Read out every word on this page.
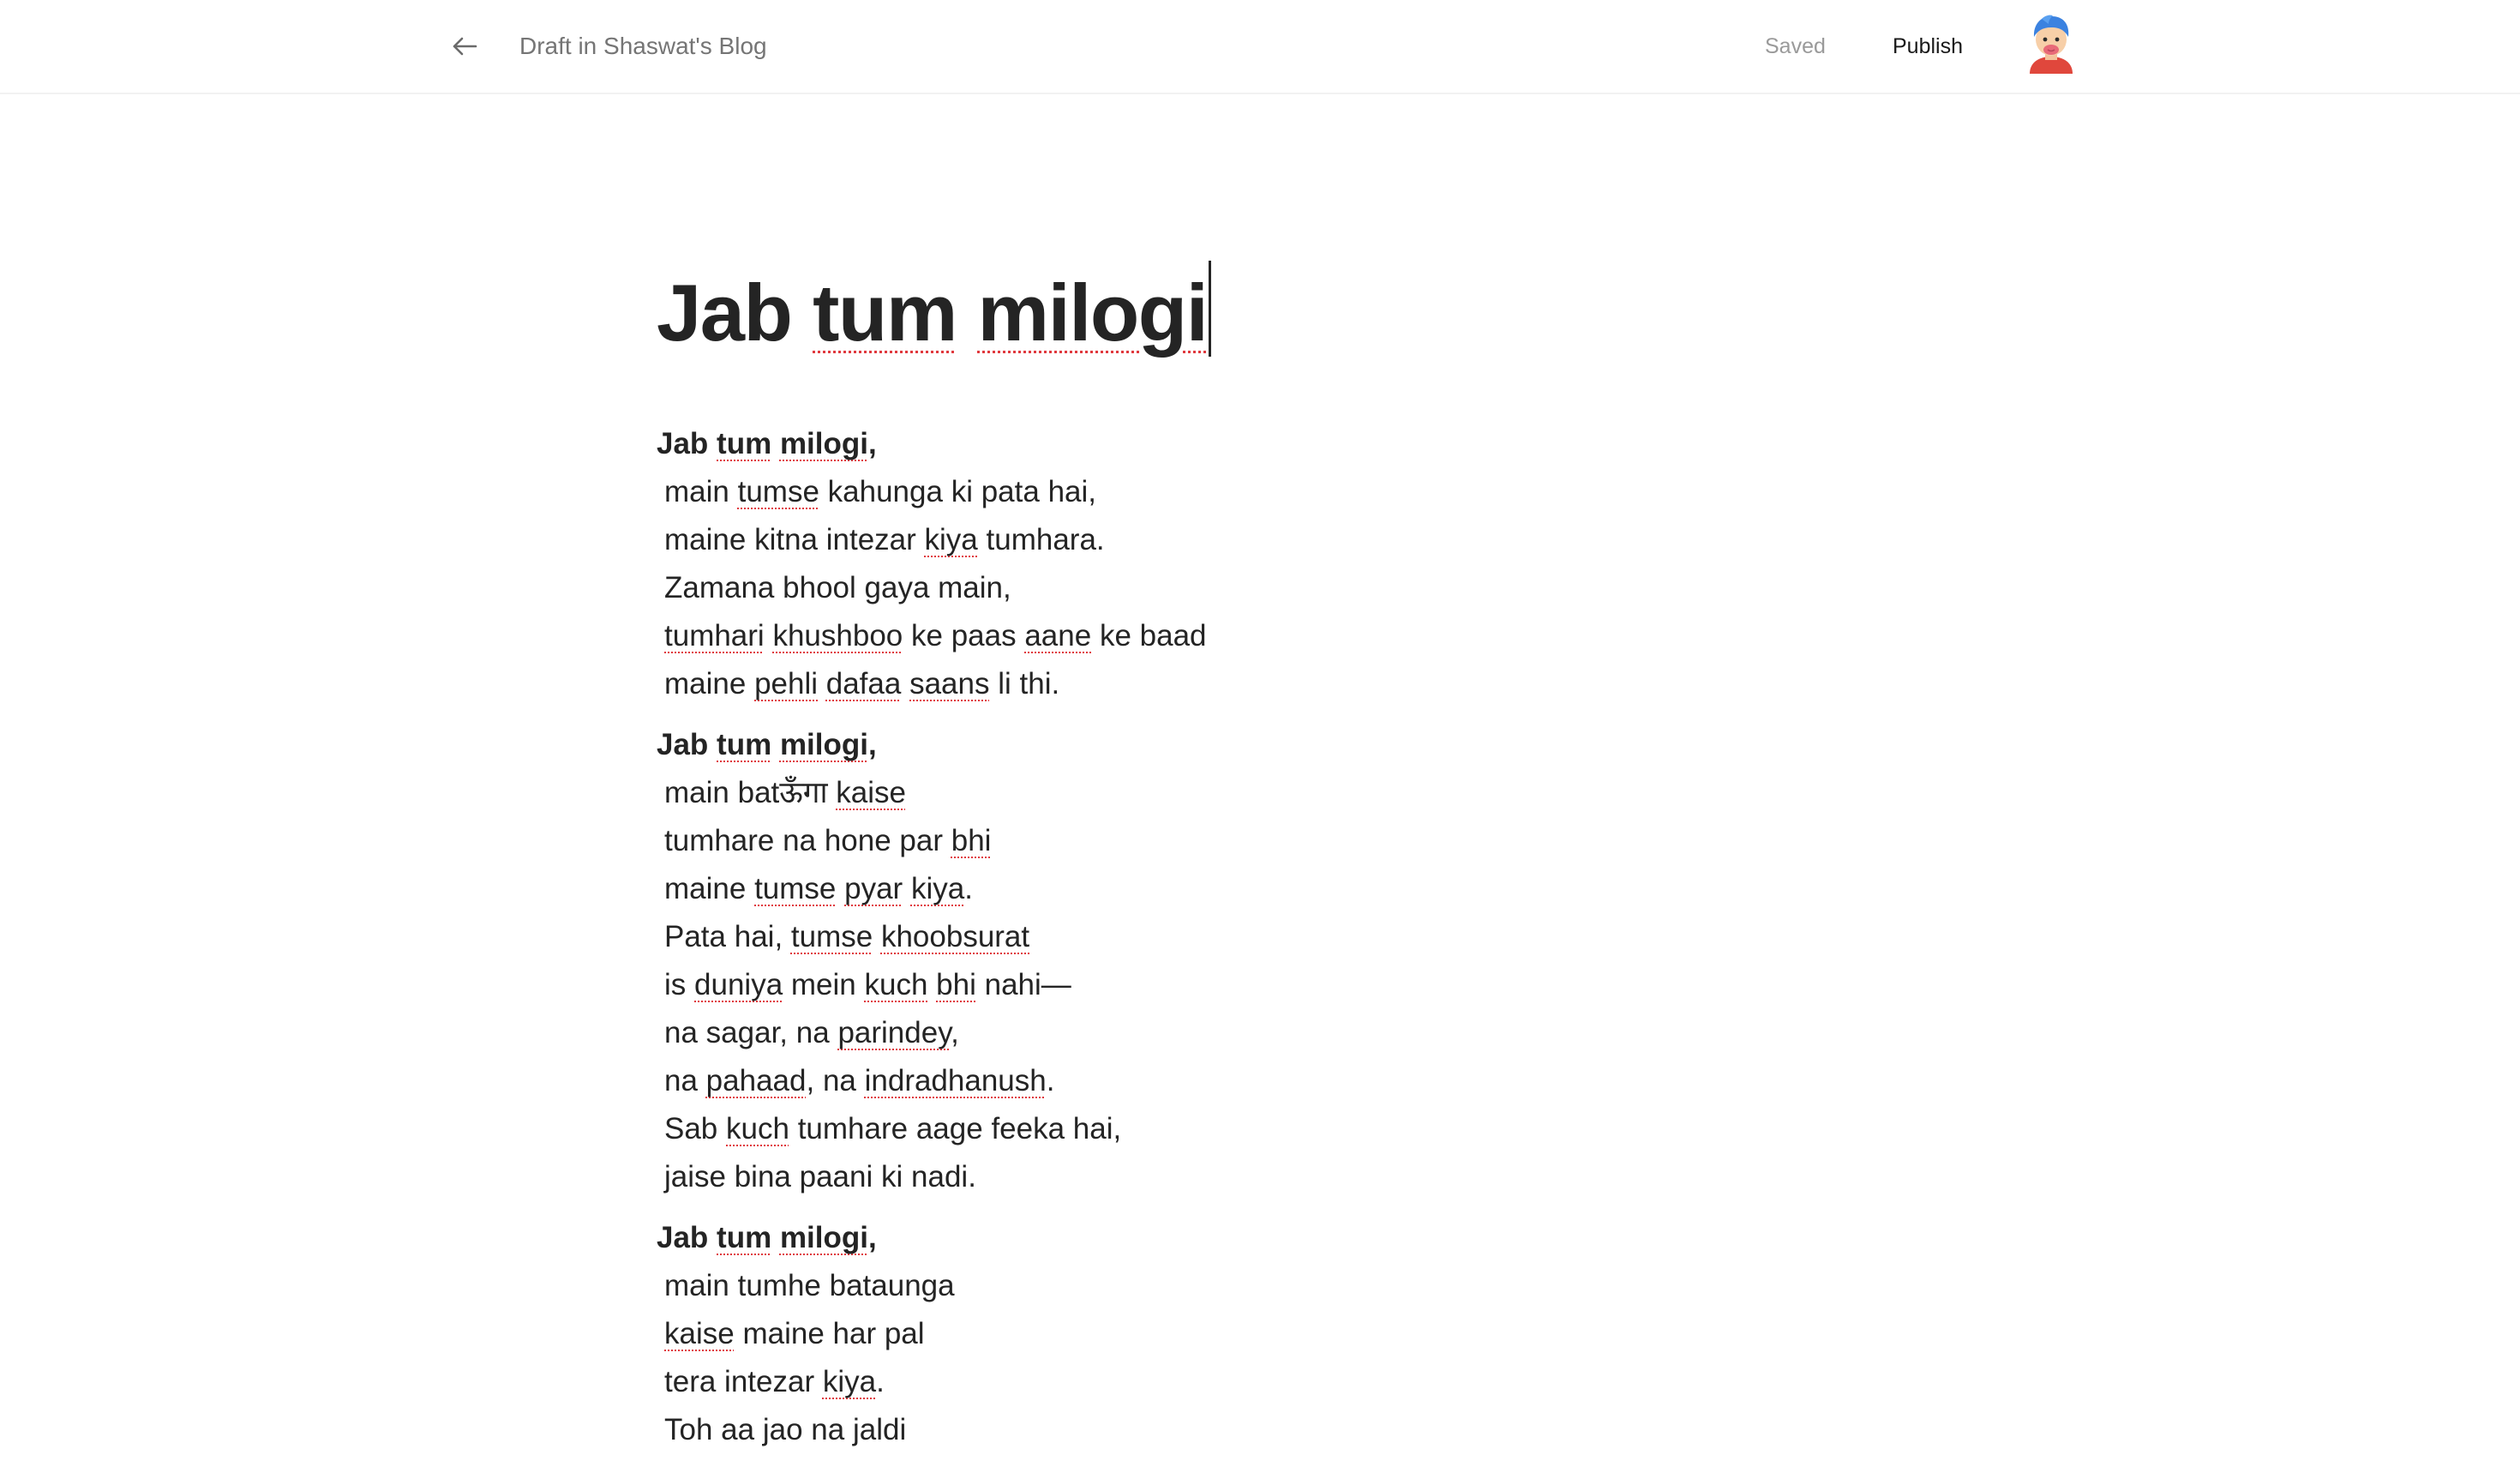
Draft in Shaswat's Blog	Saved	Publish
Jab tum milogi
Jab tum milogi,
main tumse kahunga ki pata hai,
maine kitna intezar kiya tumhara.
Zamana bhool gaya main,
tumhari khushboo ke paas aane ke baad
maine pehli dafaa saans li thi.
Jab tum milogi,
main batऊँगा kaise
tumhare na hone par bhi
maine tumse pyar kiya.
Pata hai, tumse khoobsurat
is duniya mein kuch bhi nahi—
na sagar, na parindey,
na pahaad, na indradhanush.
Sab kuch tumhare aage feeka hai,
jaise bina paani ki nadi.
Jab tum milogi,
main tumhe bataunga
kaise maine har pal
tera intezar kiya.
Toh aa jao na jaldi
